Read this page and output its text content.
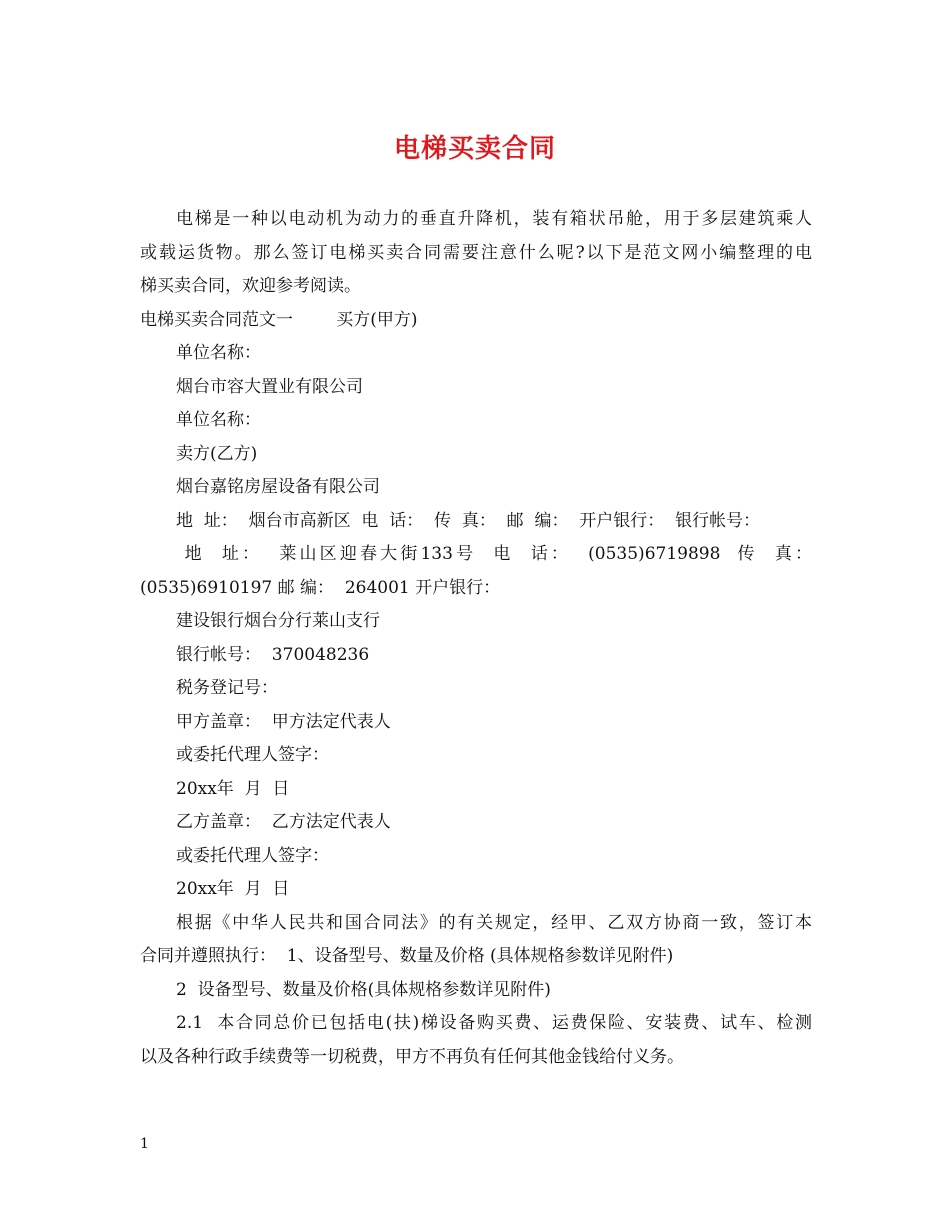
电梯买卖合同

电梯是一种以电动机为动力的垂直升降机，装有箱状吊舱，用于多层建筑乘人

或载运货物。那么签订电梯买卖合同需要注意什么呢?以下是范文网小编整理的电

梯买卖合同，欢迎参考阅读。

电梯买卖合同范文一        买方(甲方)

单位名称：

烟台市容大置业有限公司

单位名称：

卖方(乙方)

烟台嘉铭房屋设备有限公司

地  址：  烟台市高新区  电  话：  传  真：  邮  编：  开户银行：  银行帐号：

地  址：  莱山区迎春大街133号  电  话：  (0535)6719898  传  真：

(0535)6910197 邮 编：  264001 开户银行：

建设银行烟台分行莱山支行

银行帐号：  370048236

税务登记号：

甲方盖章：  甲方法定代表人

或委托代理人签字：

20xx年  月  日

乙方盖章：  乙方法定代表人

或委托代理人签字：

20xx年  月  日

根据《中华人民共和国合同法》的有关规定，经甲、乙双方协商一致，签订本

合同并遵照执行：  1、设备型号、数量及价格 (具体规格参数详见附件)

2  设备型号、数量及价格(具体规格参数详见附件)

2.1  本合同总价已包括电(扶)梯设备购买费、运费保险、安装费、试车、检测

以及各种行政手续费等一切税费，甲方不再负有任何其他金钱给付义务。

1
